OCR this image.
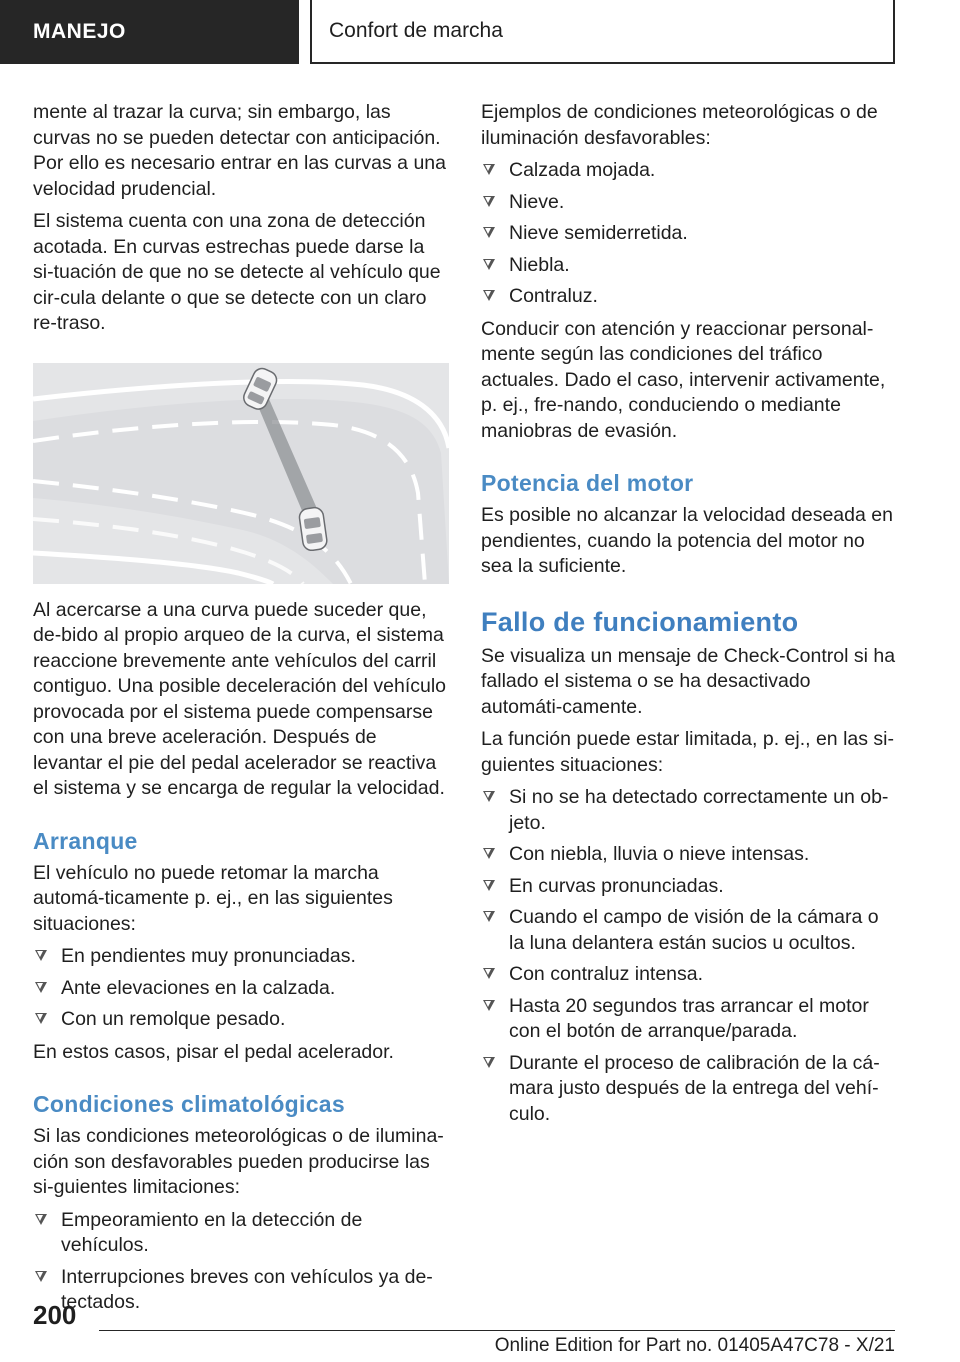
MANEJO	Confort de marcha

mente al trazar la curva; sin embargo, las curvas no se pueden detectar con anticipación. Por ello es necesario entrar en las curvas a una velocidad prudencial.

El sistema cuenta con una zona de detección acotada. En curvas estrechas puede darse la si-tuación de que no se detecte al vehículo que cir-cula delante o que se detecte con un claro re-traso.

Al acercarse a una curva puede suceder que, de-bido al propio arqueo de la curva, el sistema reaccione brevemente ante vehículos del carril contiguo. Una posible deceleración del vehículo provocada por el sistema puede compensarse con una breve aceleración. Después de levantar el pie del pedal acelerador se reactiva el sistema y se encarga de regular la velocidad.

Arranque

El vehículo no puede retomar la marcha automá-ticamente p. ej., en las siguientes situaciones:

En pendientes muy pronunciadas.
Ante elevaciones en la calzada.
Con un remolque pesado.

En estos casos, pisar el pedal acelerador.

Condiciones climatológicas

Si las condiciones meteorológicas o de ilumina-ción son desfavorables pueden producirse las si-guientes limitaciones:

Empeoramiento en la detección de vehículos.
Interrupciones breves con vehículos ya de-tectados.

Ejemplos de condiciones meteorológicas o de iluminación desfavorables:

Calzada mojada.
Nieve.
Nieve semiderretida.
Niebla.
Contraluz.

Conducir con atención y reaccionar personal-mente según las condiciones del tráfico actuales. Dado el caso, intervenir activamente, p. ej., fre-nando, conduciendo o mediante maniobras de evasión.

Potencia del motor

Es posible no alcanzar la velocidad deseada en pendientes, cuando la potencia del motor no sea la suficiente.

Fallo de funcionamiento

Se visualiza un mensaje de Check-Control si ha fallado el sistema o se ha desactivado automáti-camente.

La función puede estar limitada, p. ej., en las si-guientes situaciones:

Si no se ha detectado correctamente un ob-jeto.
Con niebla, lluvia o nieve intensas.
En curvas pronunciadas.
Cuando el campo de visión de la cámara o la luna delantera están sucios u ocultos.
Con contraluz intensa.
Hasta 20 segundos tras arrancar el motor con el botón de arranque/parada.
Durante el proceso de calibración de la cá-mara justo después de la entrega del vehí-culo.
200
Online Edition for Part no. 01405A47C78 - X/21
